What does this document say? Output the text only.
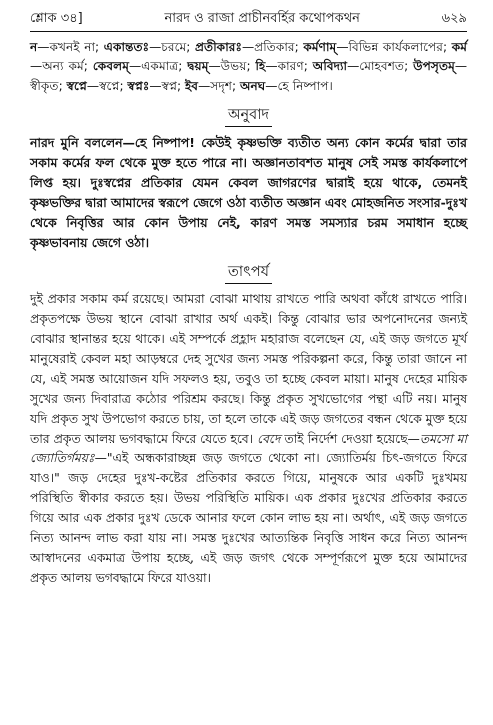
শ্লোক ৩৪]	নারদ ও রাজা প্রাচীনবর্হির কথোপকথন	৬২৯

ন—কখনই না; একান্ততঃ—চরমে; প্রতীকারঃ—প্রতিকার; কর্মণাম্—বিভিন্ন কার্যকলাপের; কর্ম—অন্য কর্ম; কেবলম্—একমাত্র; দ্বয়ম্—উভয়; হি—কারণ; অবিদ্যা—মোহবশত; উপসৃতম্—স্বীকৃত; স্বপ্নে—স্বপ্নে; স্বপ্নঃ—স্বপ্ন; ইব—সদৃশ; অনঘ—হে নিষ্পাপ।

অনুবাদ

নারদ মুনি বললেন—হে নিষ্পাপ! কেউই কৃষ্ণভক্তি ব্যতীত অন্য কোন কর্মের দ্বারা তার সকাম কর্মের ফল থেকে মুক্ত হতে পারে না। অজ্ঞানতাবশত মানুষ সেই সমস্ত কার্যকলাপে লিপ্ত হয়। দুঃস্বপ্নের প্রতিকার যেমন কেবল জাগরণের দ্বারাই হয়ে থাকে, তেমনই কৃষ্ণভক্তির দ্বারা আমাদের স্বরূপে জেগে ওঠা ব্যতীত অজ্ঞান এবং মোহজনিত সংসার-দুঃখ থেকে নিবৃত্তির আর কোন উপায় নেই, কারণ সমস্ত সমস্যার চরম সমাধান হচ্ছে কৃষ্ণভাবনায় জেগে ওঠা।

তাৎপর্য

দুই প্রকার সকাম কর্ম রয়েছে। আমরা বোঝা মাথায় রাখতে পারি অথবা কাঁধে রাখতে পারি। প্রকৃতপক্ষে উভয় স্থানে বোঝা রাখার অর্থ একই। কিন্তু বোঝার ভার অপনোদনের জন্যই বোঝার স্থানান্তর হয়ে থাকে। এই সম্পর্কে প্রহ্লাদ মহারাজ বলেছেন যে, এই জড় জগতে মূর্খ মানুষেরাই কেবল মহা আড়ম্বরে দেহ সুখের জন্য সমস্ত পরিকল্পনা করে, কিন্তু তারা জানে না যে, এই সমস্ত আয়োজন যদি সফলও হয়, তবুও তা হচ্ছে কেবল মায়া। মানুষ দেহের মায়িক সুখের জন্য দিবারাত্র কঠোর পরিশ্রম করছে। কিন্তু প্রকৃত সুখভোগের পন্থা এটি নয়। মানুষ যদি প্রকৃত সুখ উপভোগ করতে চায়, তা হলে তাকে এই জড় জগতের বন্ধন থেকে মুক্ত হয়ে তার প্রকৃত আলয় ভগবদ্ধামে ফিরে যেতে হবে। বেদে তাই নির্দেশ দেওয়া হয়েছে—তমসো মা জ্যোতির্গময়ঃ—"এই অন্ধকারাচ্ছন্ন জড় জগতে থেকো না। জ্যোতির্ময় চিৎ-জগতে ফিরে যাও।" জড় দেহের দুঃখ-কষ্টের প্রতিকার করতে গিয়ে, মানুষকে আর একটি দুঃখময় পরিস্থিতি স্বীকার করতে হয়। উভয় পরিস্থিতি মায়িক। এক প্রকার দুঃখের প্রতিকার করতে গিয়ে আর এক প্রকার দুঃখ ডেকে আনার ফলে কোন লাভ হয় না। অর্থাৎ, এই জড় জগতে নিত্য আনন্দ লাভ করা যায় না। সমস্ত দুঃখের আত্যন্তিক নিবৃত্তি সাধন করে নিত্য আনন্দ আস্বাদনের একমাত্র উপায় হচ্ছে, এই জড় জগৎ থেকে সম্পূর্ণরূপে মুক্ত হয়ে আমাদের প্রকৃত আলয় ভগবদ্ধামে ফিরে যাওয়া।
